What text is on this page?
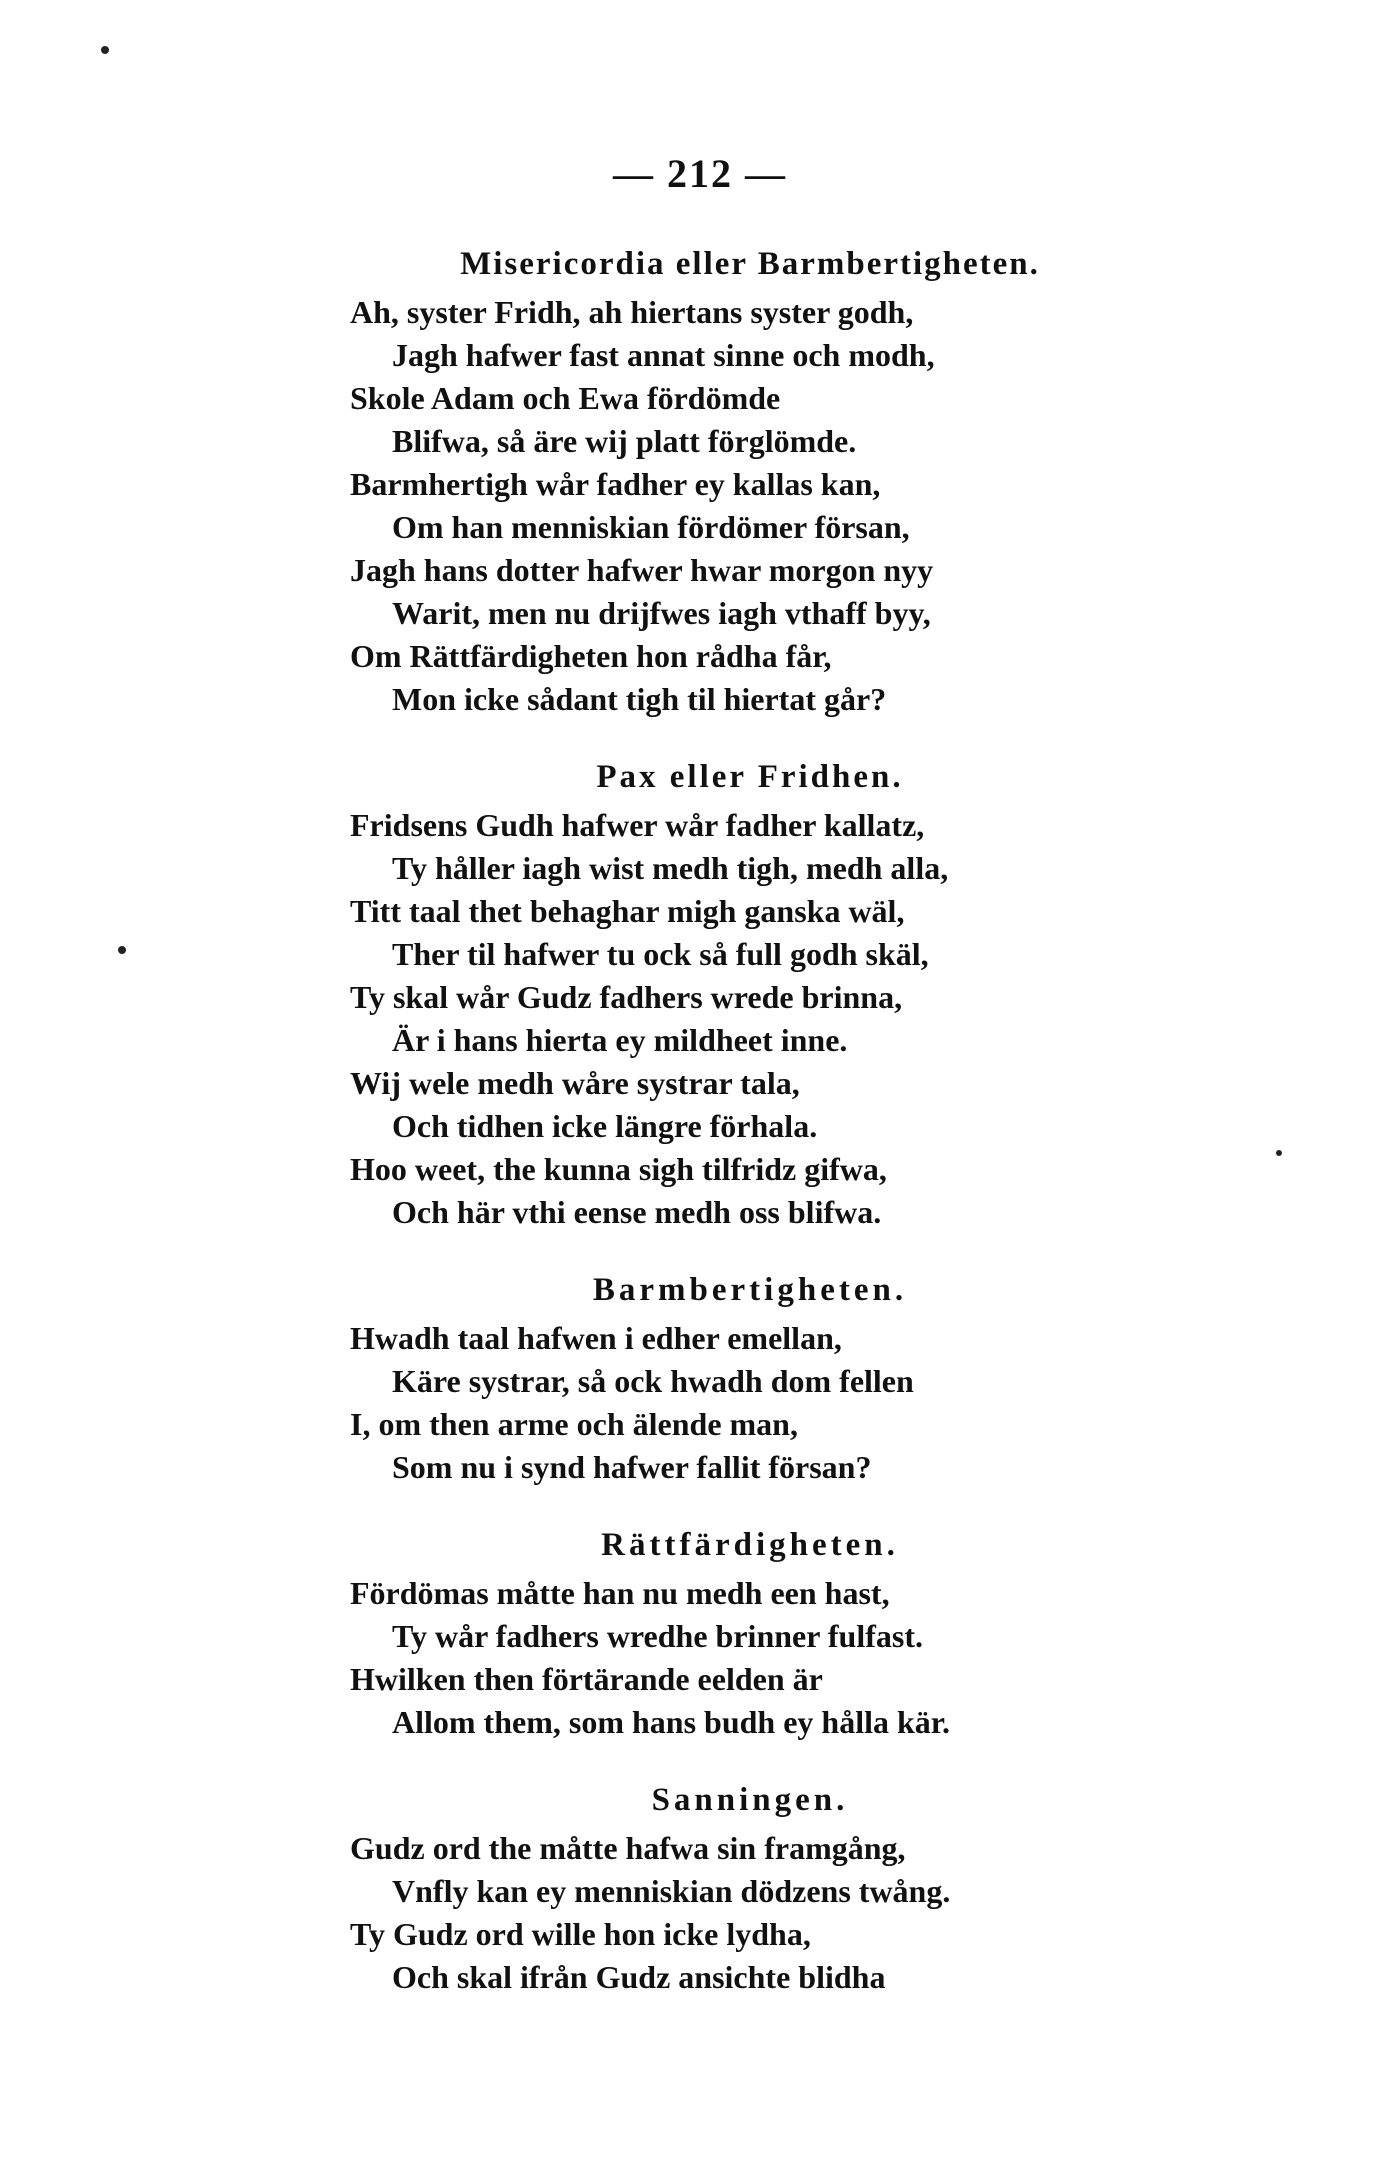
— 212 —
Misericordia eller Barmbertigheten.
Ah, syster Fridh, ah hiertans syster godh,
Jagh hafwer fast annat sinne och modh,
Skole Adam och Ewa fördömde
Blifwa, så äre wij platt förglömde.
Barmhertigh wår fadher ey kallas kan,
Om han menniskian fördömer försan,
Jagh hans dotter hafwer hwar morgon nyy
Warit, men nu drijfwes iagh vthaff byy,
Om Rättfärdigheten hon rådha får,
Mon icke sådant tigh til hiertat går?
Pax eller Fridhen.
Fridsens Gudh hafwer wår fadher kallatz,
Ty håller iagh wist medh tigh, medh alla,
Titt taal thet behaghar migh ganska wäl,
Ther til hafwer tu ock så full godh skäl,
Ty skal wår Gudz fadhers wrede brinna,
Är i hans hierta ey mildheet inne.
Wij wele medh wåre systrar tala,
Och tidhen icke längre förhala.
Hoo weet, the kunna sigh tilfridz gifwa,
Och här vthi eense medh oss blifwa.
Barmbertigheten.
Hwadh taal hafwen i edher emellan,
Käre systrar, så ock hwadh dom fellen
I, om then arme och älende man,
Som nu i synd hafwer fallit försan?
Rättfärdigheten.
Fördömas måtte han nu medh een hast,
Ty wår fadhers wredhe brinner fulfast.
Hwilken then förtärande eelden är
Allom them, som hans budh ey hålla kär.
Sanningen.
Gudz ord the måtte hafwa sin framgång,
Vnfly kan ey menniskian dödzens twång.
Ty Gudz ord wille hon icke lydha,
Och skal ifrån Gudz ansichte blidha
